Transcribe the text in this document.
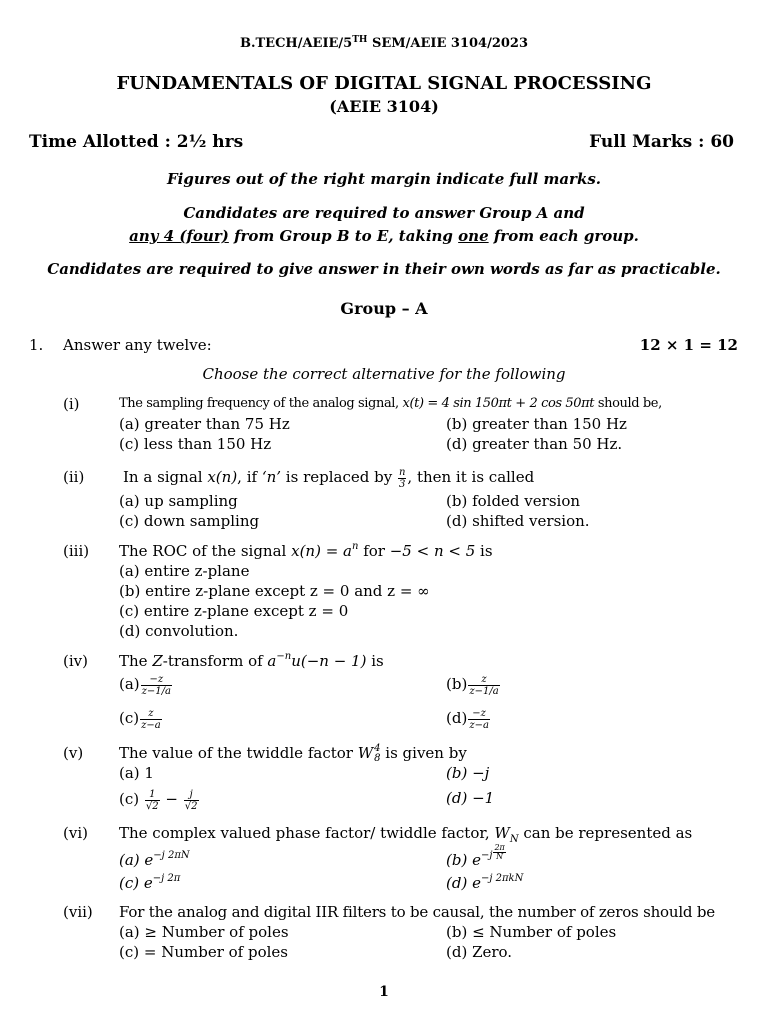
B.TECH/AEIE/5TH SEM/AEIE 3104/2023
FUNDAMENTALS OF DIGITAL SIGNAL PROCESSING
(AEIE 3104)
Time Allotted : 2½ hrs	Full Marks : 60
Figures out of the right margin indicate full marks.
Candidates are required to answer Group A and
any 4 (four) from Group B to E, taking one from each group.
Candidates are required to give answer in their own words as far as practicable.
Group – A
1. Answer any twelve:	12 × 1 = 12
Choose the correct alternative for the following
(i)	The sampling frequency of the analog signal, x(t) = 4 sin 150πt + 2 cos 50πt should be,
(a) greater than 75 Hz	(b) greater than 150 Hz
(c) less than 150 Hz	(d) greater than 50 Hz.
(ii)	In a signal x(n), if ‘n’ is replaced by $\frac{n}{3}$ , then it is called
(a) up sampling	(b) folded version
(c) down sampling	(d) shifted version.
(iii) The ROC of the signal $x(n) = a^n$ for −5 < n < 5 is
(a) entire z-plane
(b) entire z-plane except z = 0 and z = ∞
(c) entire z-plane except z = 0
(d) convolution.
(iv) The Z-transform of $a^{-n}u(-n - 1)$ is
$(a) \frac{-z}{z-1/a}$	$(b) \frac{z}{z-1/a}$
$(c) \frac{z}{z-a}$	$(d) \frac{-z}{z-a}$
(v) The value of the twiddle factor W 4
8 is given by
(a) 1	(b) −j
$(c) \frac{1}{√2} - \frac{j}{√2}$	(d) −1
(vi) The complex valued phase factor/ twiddle factor, $W_N$ can be represented as
(a) $e^{-j 2\pi N}$	(b) $e^{-j} \frac{2\pi}{N}$
(c) $e^{-j 2\pi}$	(d) $e^{-j 2\pi kN}$
(vii) For the analog and digital IIR filters to be causal, the number of zeros should be
(a) ≥ Number of poles	(b) ≤ Number of poles
(c) = Number of poles	(d) Zero.
1
